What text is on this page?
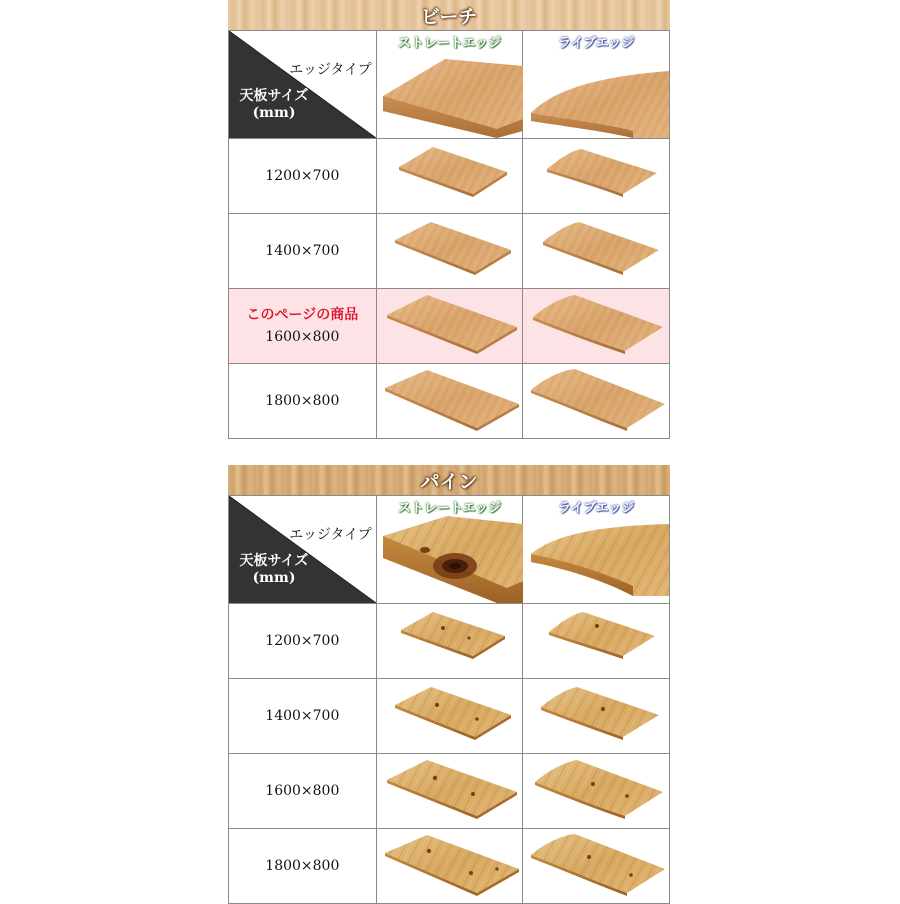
ビーチ
エッジタイプ
天板サイズ
(mm)
ストレートエッジ	ライブエッジ
1200×700
1400×700
このページの商品
1600×800
1800×800
パイン
エッジタイプ
天板サイズ
(mm)
ストレートエッジ	ライブエッジ
1200×700
1400×700
1600×800
1800×800
